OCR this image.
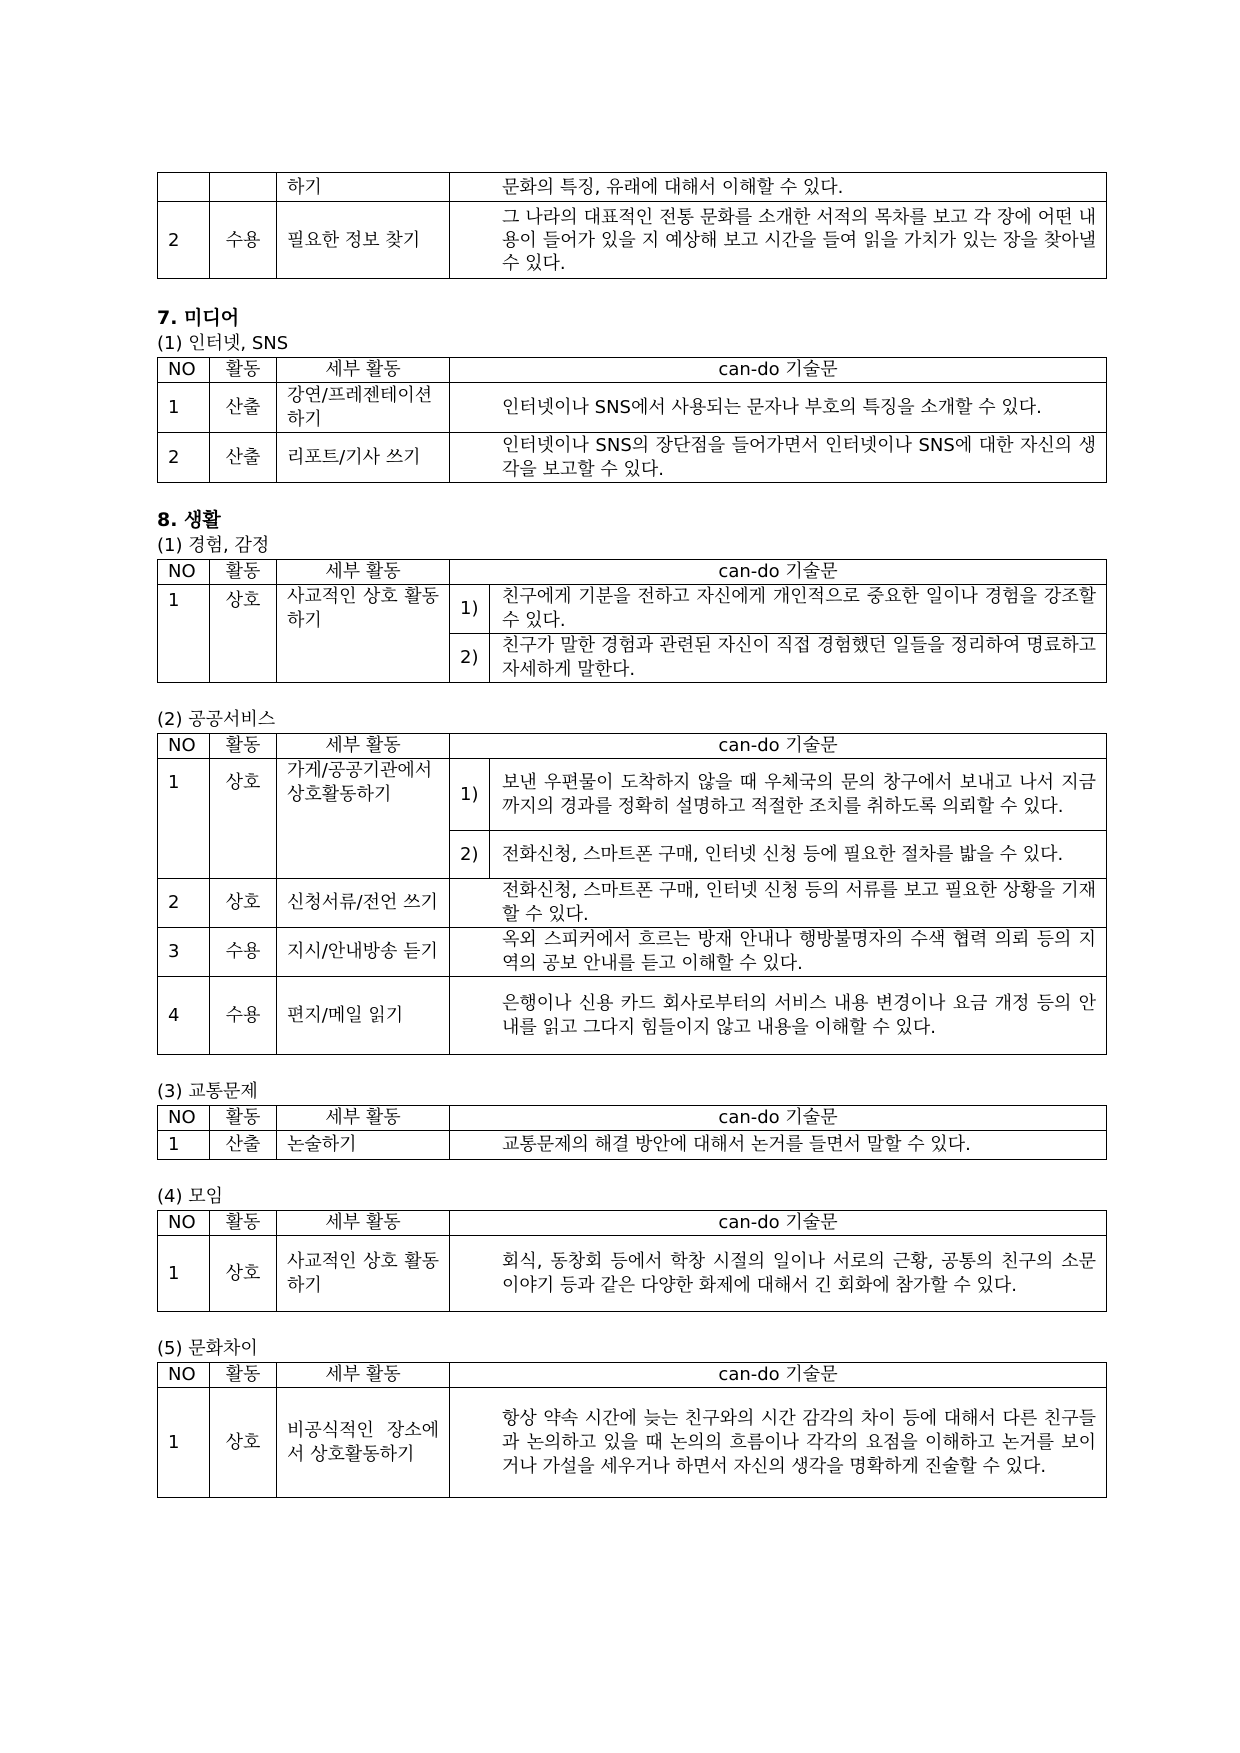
		하기	문화의 특징, 유래에 대해서 이해할 수 있다.
2	수용	필요한 정보 찾기	그 나라의 대표적인 전통 문화를 소개한 서적의 목차를 보고 각 장에 어떤 내용이 들어가 있을 지 예상해 보고 시간을 들여 읽을 가치가 있는 장을 찾아낼 수 있다.
7. 미디어
(1) 인터넷, SNS
NO	활동	세부 활동	can-do 기술문
1	산출	강연/프레젠테이션 하기	인터넷이나 SNS에서 사용되는 문자나 부호의 특징을 소개할 수 있다.
2	산출	리포트/기사 쓰기	인터넷이나 SNS의 장단점을 들어가면서 인터넷이나 SNS에 대한 자신의 생각을 보고할 수 있다.
8. 생활
(1) 경험, 감정
NO	활동	세부 활동	can-do 기술문	
1	상호	사교적인 상호 활동하기	1)	친구에게 기분을 전하고 자신에게 개인적으로 중요한 일이나 경험을 강조할 수 있다.
			2)	친구가 말한 경험과 관련된 자신이 직접 경험했던 일들을 정리하여 명료하고 자세하게 말한다.
(2) 공공서비스
NO	활동	세부 활동	can-do 기술문	
1	상호	가게/공공기관에서 상호활동하기	1)	보낸 우편물이 도착하지 않을 때 우체국의 문의 창구에서 보내고 나서 지금까지의 경과를 정확히 설명하고 적절한 조치를 취하도록 의뢰할 수 있다.
			2)	전화신청, 스마트폰 구매, 인터넷 신청 등에 필요한 절차를 밟을 수 있다.
2	상호	신청서류/전언 쓰기	전화신청, 스마트폰 구매, 인터넷 신청 등의 서류를 보고 필요한 상황을 기재할 수 있다.	
3	수용	지시/안내방송 듣기	옥외 스피커에서 흐르는 방재 안내나 행방불명자의 수색 협력 의뢰 등의 지역의 공보 안내를 듣고 이해할 수 있다.	
4	수용	편지/메일 읽기	은행이나 신용 카드 회사로부터의 서비스 내용 변경이나 요금 개정 등의 안내를 읽고 그다지 힘들이지 않고 내용을 이해할 수 있다.	
(3) 교통문제
NO	활동	세부 활동	can-do 기술문
1	산출	논술하기	교통문제의 해결 방안에 대해서 논거를 들면서 말할 수 있다.
(4) 모임
NO	활동	세부 활동	can-do 기술문
1	상호	사교적인 상호 활동하기	회식, 동창회 등에서 학창 시절의 일이나 서로의 근황, 공통의 친구의 소문 이야기 등과 같은 다양한 화제에 대해서 긴 회화에 참가할 수 있다.
(5) 문화차이
NO	활동	세부 활동	can-do 기술문
1	상호	비공식적인 장소에서 상호활동하기	항상 약속 시간에 늦는 친구와의 시간 감각의 차이 등에 대해서 다른 친구들과 논의하고 있을 때 논의의 흐름이나 각각의 요점을 이해하고 논거를 보이거나 가설을 세우거나 하면서 자신의 생각을 명확하게 진술할 수 있다.
